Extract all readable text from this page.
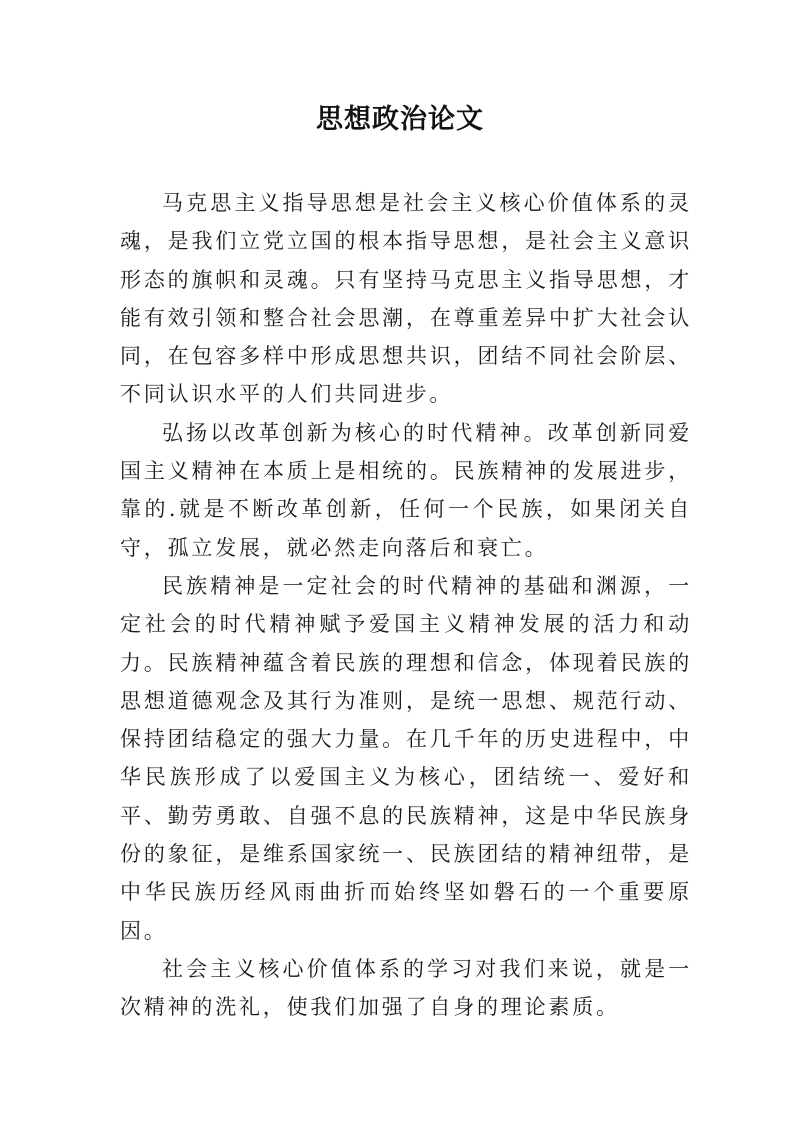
思想政治论文

马克思主义指导思想是社会主义核心价值体系的灵魂，是我们立党立国的根本指导思想，是社会主义意识形态的旗帜和灵魂。只有坚持马克思主义指导思想，才能有效引领和整合社会思潮，在尊重差异中扩大社会认同，在包容多样中形成思想共识，团结不同社会阶层、不同认识水平的人们共同进步。

弘扬以改革创新为核心的时代精神。改革创新同爱国主义精神在本质上是相统的。民族精神的发展进步，靠的.就是不断改革创新，任何一个民族，如果闭关自守，孤立发展，就必然走向落后和衰亡。

民族精神是一定社会的时代精神的基础和渊源，一定社会的时代精神赋予爱国主义精神发展的活力和动力。民族精神蕴含着民族的理想和信念，体现着民族的思想道德观念及其行为准则，是统一思想、规范行动、保持团结稳定的强大力量。在几千年的历史进程中，中华民族形成了以爱国主义为核心，团结统一、爱好和平、勤劳勇敢、自强不息的民族精神，这是中华民族身份的象征，是维系国家统一、民族团结的精神纽带，是中华民族历经风雨曲折而始终坚如磐石的一个重要原因。

社会主义核心价值体系的学习对我们来说，就是一次精神的洗礼，使我们加强了自身的理论素质。
